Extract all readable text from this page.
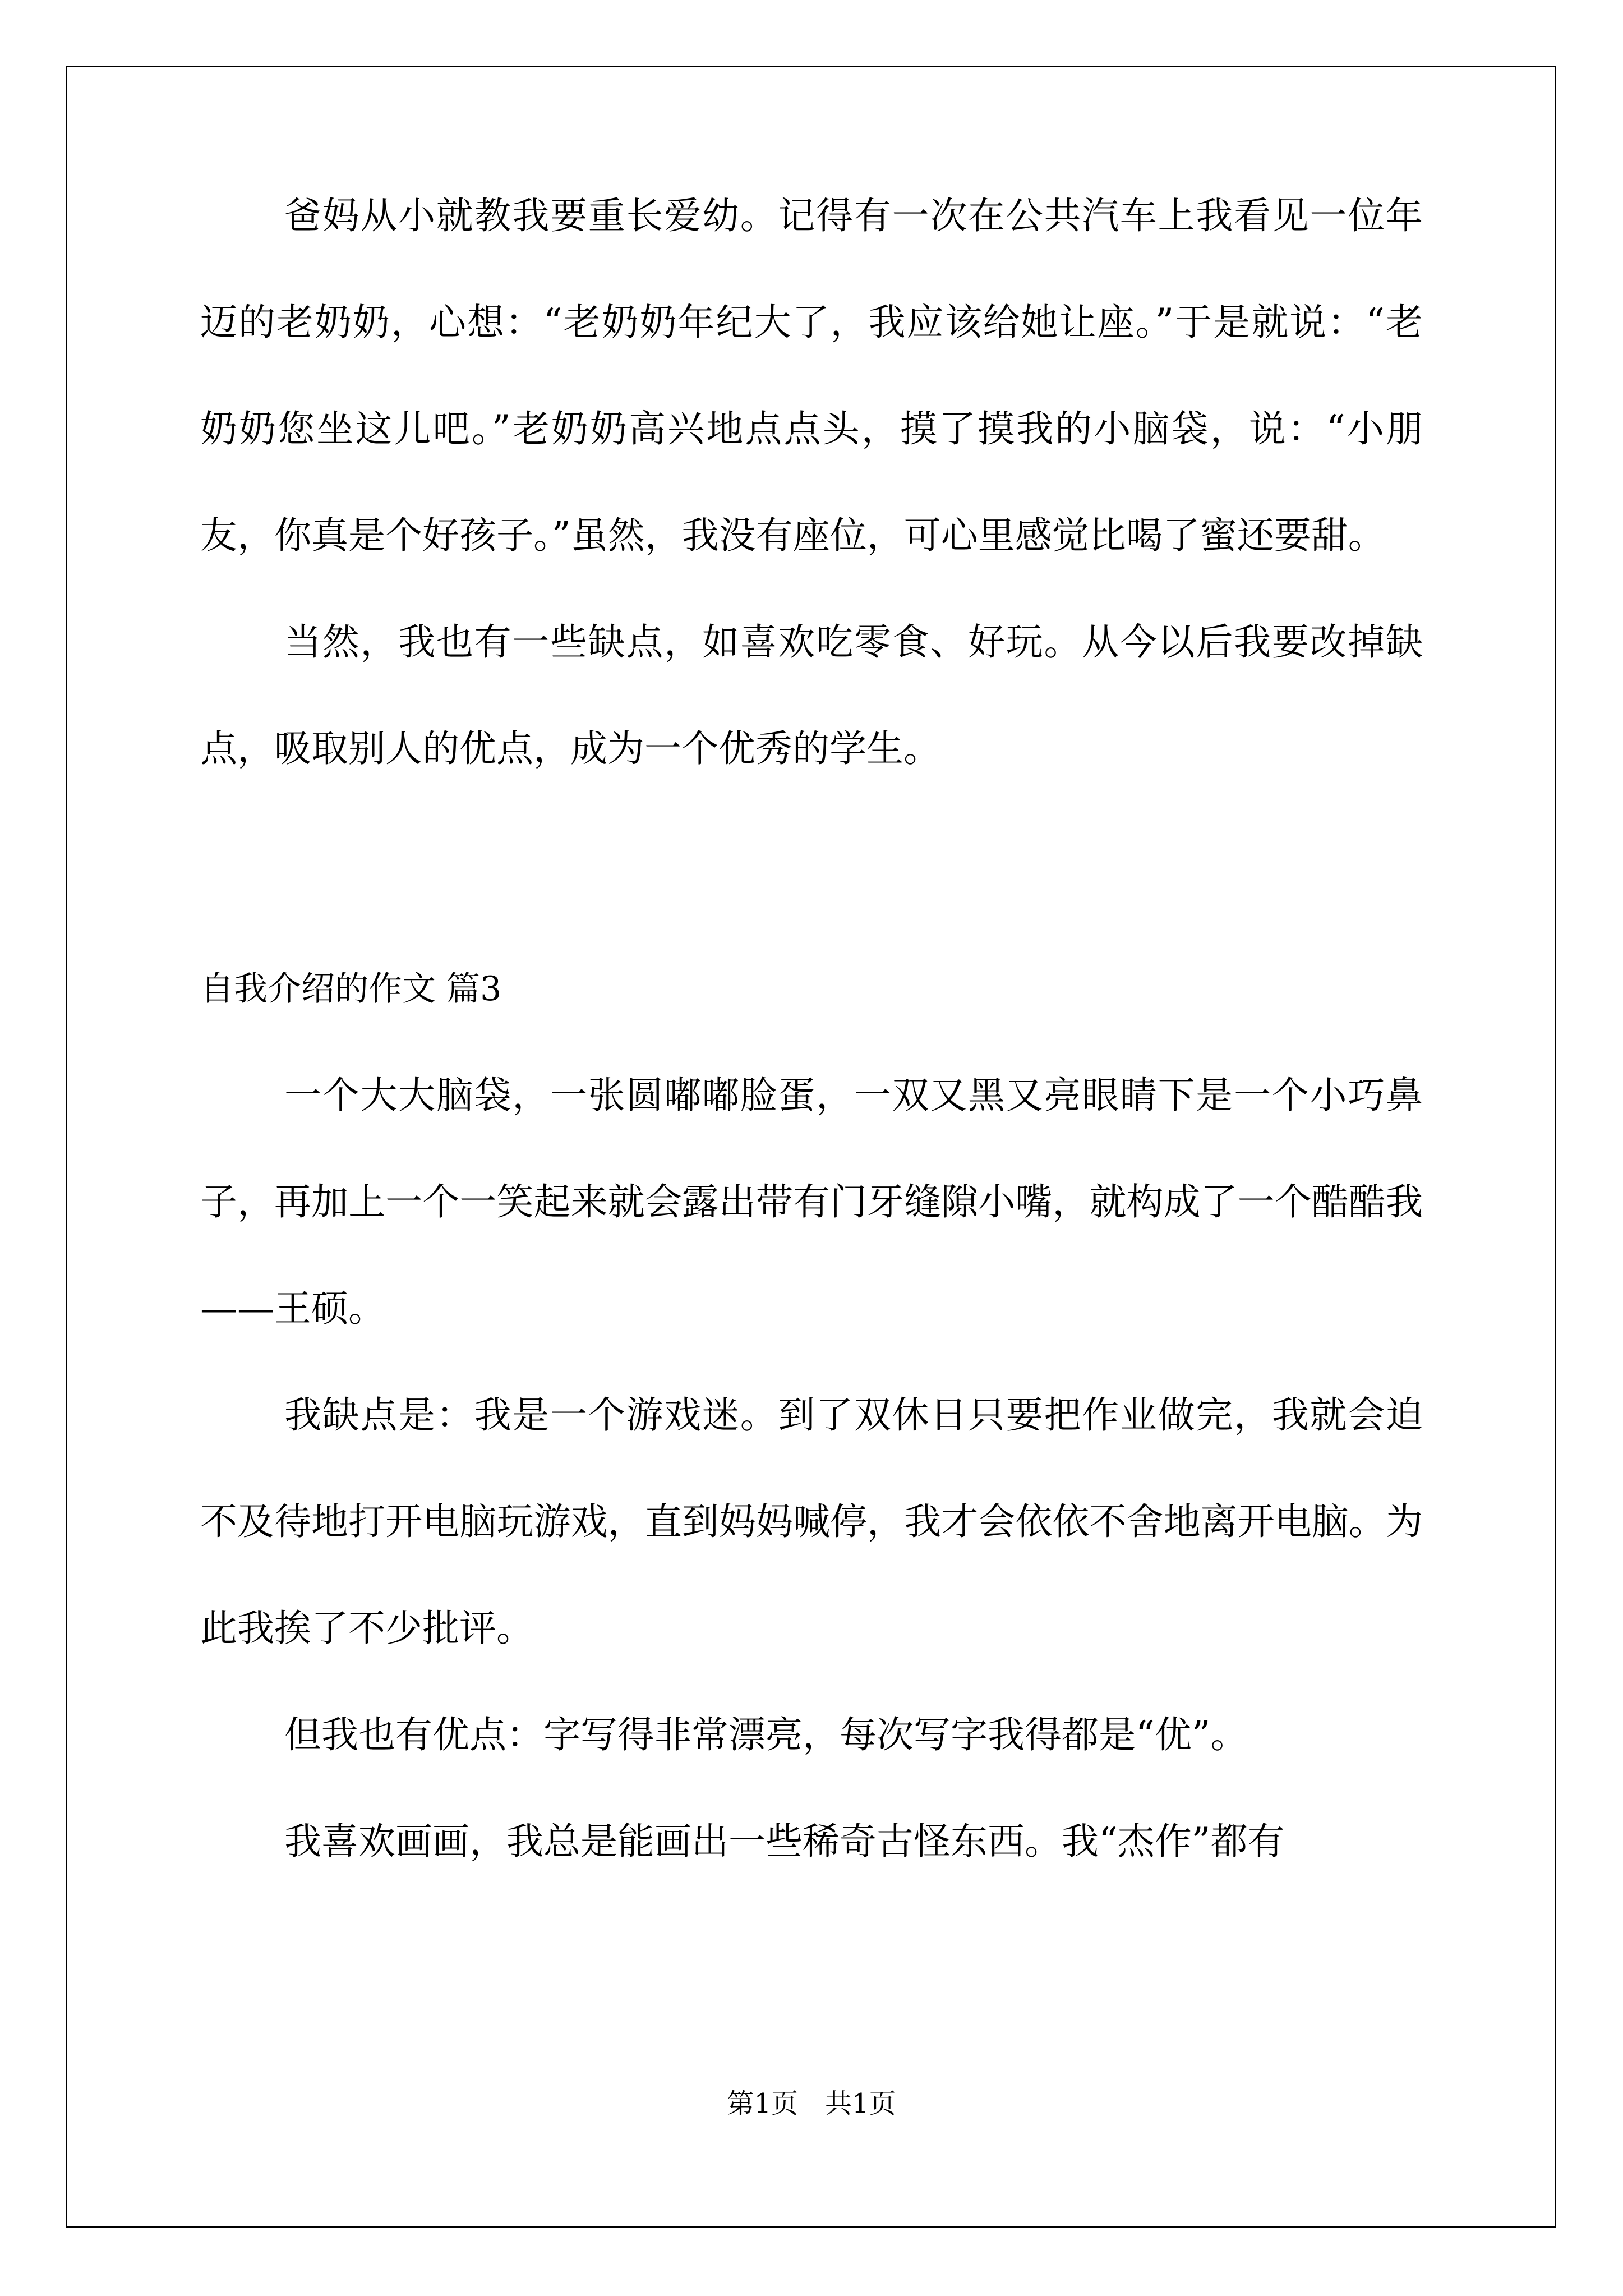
爸妈从小就教我要重长爱幼。记得有一次在公共汽车上我看见一位年迈的老奶奶，心想：“老奶奶年纪大了，我应该给她让座。”于是就说：“老奶奶您坐这儿吧。”老奶奶高兴地点点头，摸了摸我的小脑袋，说：“小朋友，你真是个好孩子。”虽然，我没有座位，可心里感觉比喝了蜜还要甜。

当然，我也有一些缺点，如喜欢吃零食、好玩。从今以后我要改掉缺点，吸取别人的优点，成为一个优秀的学生。

自我介绍的作文 篇3

一个大大脑袋，一张圆嘟嘟脸蛋，一双又黑又亮眼睛下是一个小巧鼻子，再加上一个一笑起来就会露出带有门牙缝隙小嘴，就构成了一个酷酷我——王硕。

我缺点是：我是一个游戏迷。到了双休日只要把作业做完，我就会迫不及待地打开电脑玩游戏，直到妈妈喊停，我才会依依不舍地离开电脑。为此我挨了不少批评。

但我也有优点：字写得非常漂亮，每次写字我得都是“优”。

我喜欢画画，我总是能画出一些稀奇古怪东西。我“杰作”都有

第1页　共1页
